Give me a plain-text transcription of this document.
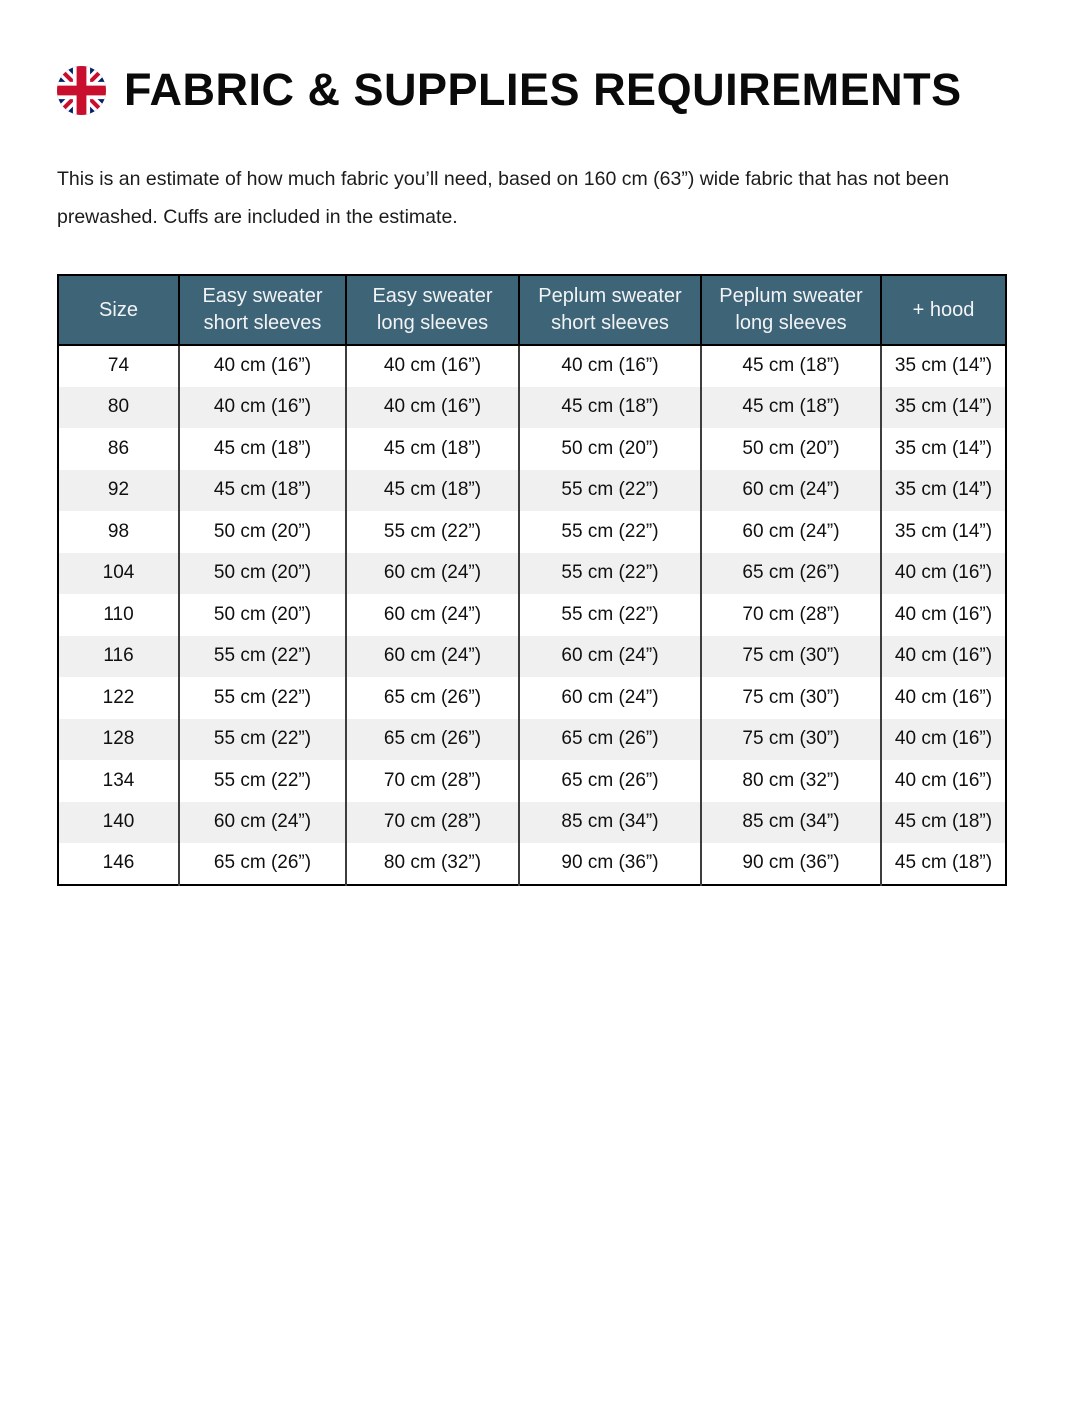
FABRIC & SUPPLIES REQUIREMENTS

This is an estimate of how much fabric you’ll need, based on 160 cm (63”) wide fabric that has not been prewashed. Cuffs are included in the estimate.

Size	Easy sweater short sleeves	Easy sweater long sleeves	Peplum sweater short sleeves	Peplum sweater long sleeves	+ hood
74	40 cm (16”)	40 cm (16”)	40 cm (16”)	45 cm (18”)	35 cm (14”)
80	40 cm (16”)	40 cm (16”)	45 cm (18”)	45 cm (18”)	35 cm (14”)
86	45 cm (18”)	45 cm (18”)	50 cm (20”)	50 cm (20”)	35 cm (14”)
92	45 cm (18”)	45 cm (18”)	55 cm (22”)	60 cm (24”)	35 cm (14”)
98	50 cm (20”)	55 cm (22”)	55 cm (22”)	60 cm (24”)	35 cm (14”)
104	50 cm (20”)	60 cm (24”)	55 cm (22”)	65 cm (26”)	40 cm (16”)
110	50 cm (20”)	60 cm (24”)	55 cm (22”)	70 cm (28”)	40 cm (16”)
116	55 cm (22”)	60 cm (24”)	60 cm (24”)	75 cm (30”)	40 cm (16”)
122	55 cm (22”)	65 cm (26”)	60 cm (24”)	75 cm (30”)	40 cm (16”)
128	55 cm (22”)	65 cm (26”)	65 cm (26”)	75 cm (30”)	40 cm (16”)
134	55 cm (22”)	70 cm (28”)	65 cm (26”)	80 cm (32”)	40 cm (16”)
140	60 cm (24”)	70 cm (28”)	85 cm (34”)	85 cm (34”)	45 cm (18”)
146	65 cm (26”)	80 cm (32”)	90 cm (36”)	90 cm (36”)	45 cm (18”)
